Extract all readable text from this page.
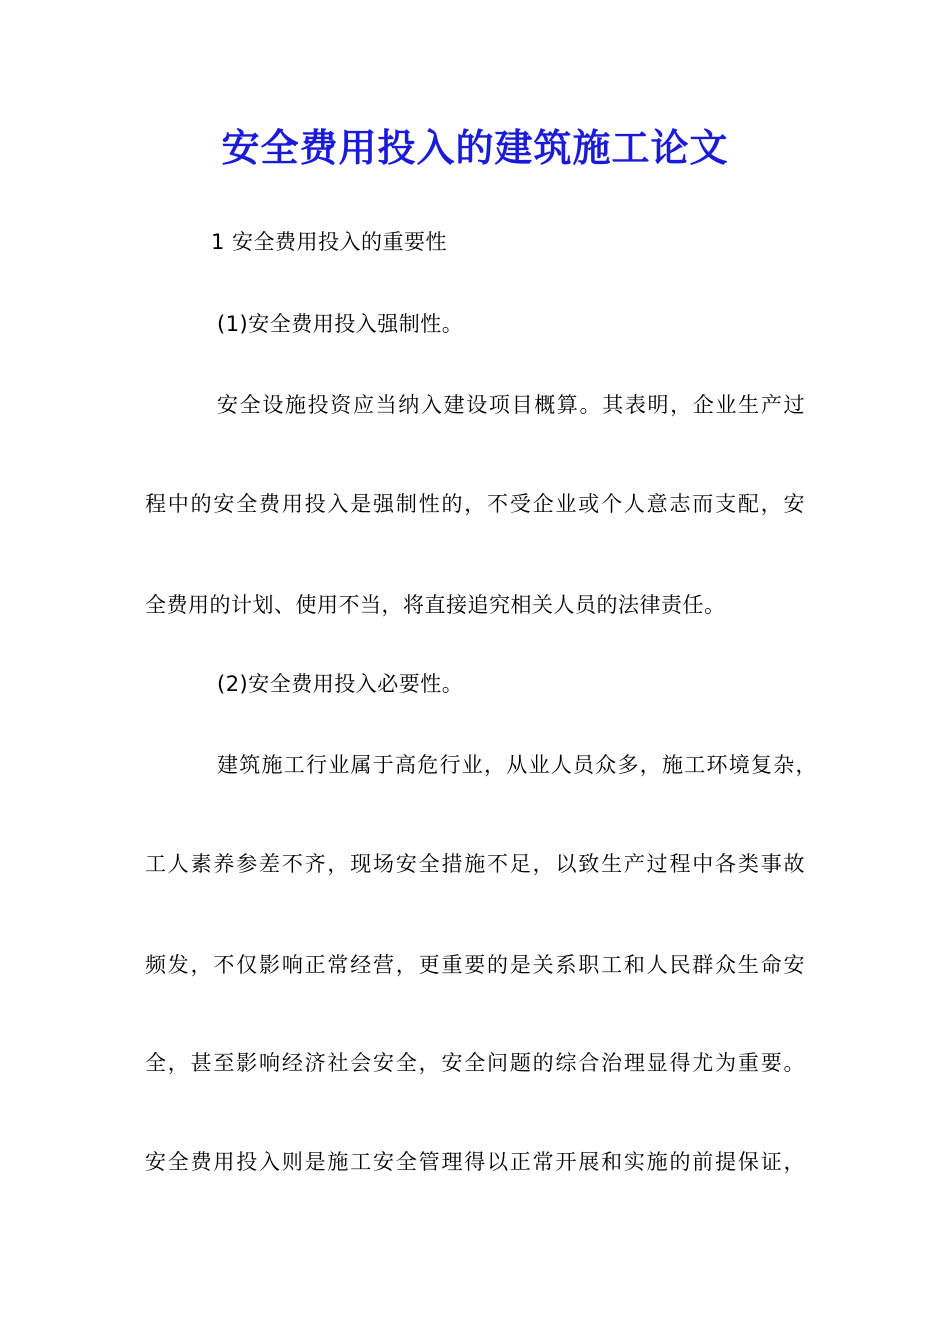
安全费用投入的建筑施工论文
1 安全费用投入的重要性
(1)安全费用投入强制性。
安全设施投资应当纳入建设项目概算。其表明，企业生产过
程中的安全费用投入是强制性的，不受企业或个人意志而支配，安
全费用的计划、使用不当，将直接追究相关人员的法律责任。
(2)安全费用投入必要性。
建筑施工行业属于高危行业，从业人员众多，施工环境复杂，
工人素养参差不齐，现场安全措施不足，以致生产过程中各类事故
频发，不仅影响正常经营，更重要的是关系职工和人民群众生命安
全，甚至影响经济社会安全，安全问题的综合治理显得尤为重要。
安全费用投入则是施工安全管理得以正常开展和实施的前提保证，
